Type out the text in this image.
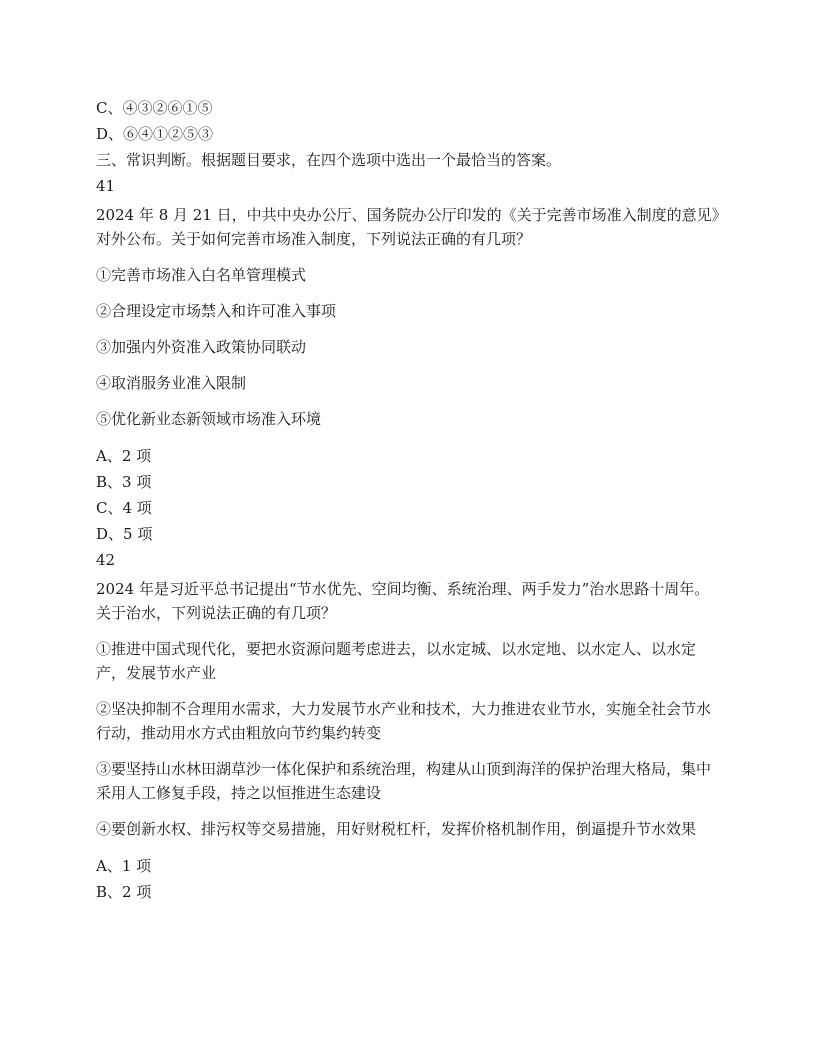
C、④③②⑥①⑤
D、⑥④①②⑤③
三、常识判断。根据题目要求，在四个选项中选出一个最恰当的答案。
41

2024 年 8 月 21 日，中共中央办公厅、国务院办公厅印发的《关于完善市场准入制度的意见》对外公布。关于如何完善市场准入制度，下列说法正确的有几项？

①完善市场准入白名单管理模式

②合理设定市场禁入和许可准入事项

③加强内外资准入政策协同联动

④取消服务业准入限制

⑤优化新业态新领域市场准入环境

A、2 项
B、3 项
C、4 项
D、5 项
42

2024 年是习近平总书记提出“节水优先、空间均衡、系统治理、两手发力”治水思路十周年。关于治水，下列说法正确的有几项？

①推进中国式现代化，要把水资源问题考虑进去，以水定城、以水定地、以水定人、以水定产，发展节水产业

②坚决抑制不合理用水需求，大力发展节水产业和技术，大力推进农业节水，实施全社会节水行动，推动用水方式由粗放向节约集约转变

③要坚持山水林田湖草沙一体化保护和系统治理，构建从山顶到海洋的保护治理大格局，集中采用人工修复手段，持之以恒推进生态建设

④要创新水权、排污权等交易措施，用好财税杠杆，发挥价格机制作用，倒逼提升节水效果

A、1 项
B、2 项
